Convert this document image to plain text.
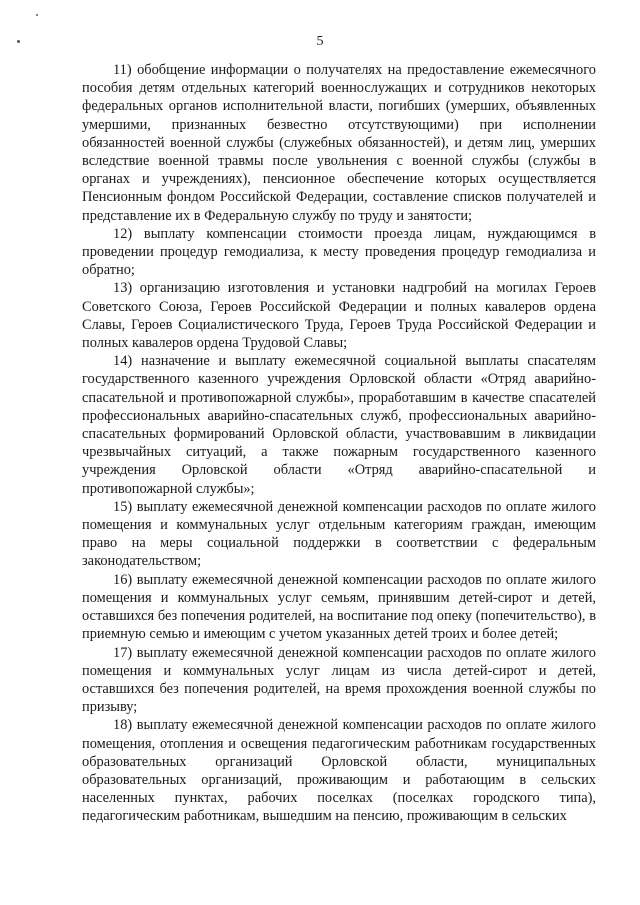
5

11) обобщение информации о получателях на предоставление ежемесячного пособия детям отдельных категорий военнослужащих и сотрудников некоторых федеральных органов исполнительной власти, погибших (умерших, объявленных умершими, признанных безвестно отсутствующими) при исполнении обязанностей военной службы (служебных обязанностей), и детям лиц, умерших вследствие военной травмы после увольнения с военной службы (службы в органах и учреждениях), пенсионное обеспечение которых осуществляется Пенсионным фондом Российской Федерации, составление списков получателей и представление их в Федеральную службу по труду и занятости;

12) выплату компенсации стоимости проезда лицам, нуждающимся в проведении процедур гемодиализа, к месту проведения процедур гемодиализа и обратно;

13) организацию изготовления и установки надгробий на могилах Героев Советского Союза, Героев Российской Федерации и полных кавалеров ордена Славы, Героев Социалистического Труда, Героев Труда Российской Федерации и полных кавалеров ордена Трудовой Славы;

14) назначение и выплату ежемесячной социальной выплаты спасателям государственного казенного учреждения Орловской области «Отряд аварийно-спасательной и противопожарной службы», проработавшим в качестве спасателей профессиональных аварийно-спасательных служб, профессиональных аварийно-спасательных формирований Орловской области, участвовавшим в ликвидации чрезвычайных ситуаций, а также пожарным государственного казенного учреждения Орловской области «Отряд аварийно-спасательной и противопожарной службы»;

15) выплату ежемесячной денежной компенсации расходов по оплате жилого помещения и коммунальных услуг отдельным категориям граждан, имеющим право на меры социальной поддержки в соответствии с федеральным законодательством;

16) выплату ежемесячной денежной компенсации расходов по оплате жилого помещения и коммунальных услуг семьям, принявшим детей-сирот и детей, оставшихся без попечения родителей, на воспитание под опеку (попечительство), в приемную семью и имеющим с учетом указанных детей троих и более детей;

17) выплату ежемесячной денежной компенсации расходов по оплате жилого помещения и коммунальных услуг лицам из числа детей-сирот и детей, оставшихся без попечения родителей, на время прохождения военной службы по призыву;

18) выплату ежемесячной денежной компенсации расходов по оплате жилого помещения, отопления и освещения педагогическим работникам государственных образовательных организаций Орловской области, муниципальных образовательных организаций, проживающим и работающим в сельских населенных пунктах, рабочих поселках (поселках городского типа), педагогическим работникам, вышедшим на пенсию, проживающим в сельских
